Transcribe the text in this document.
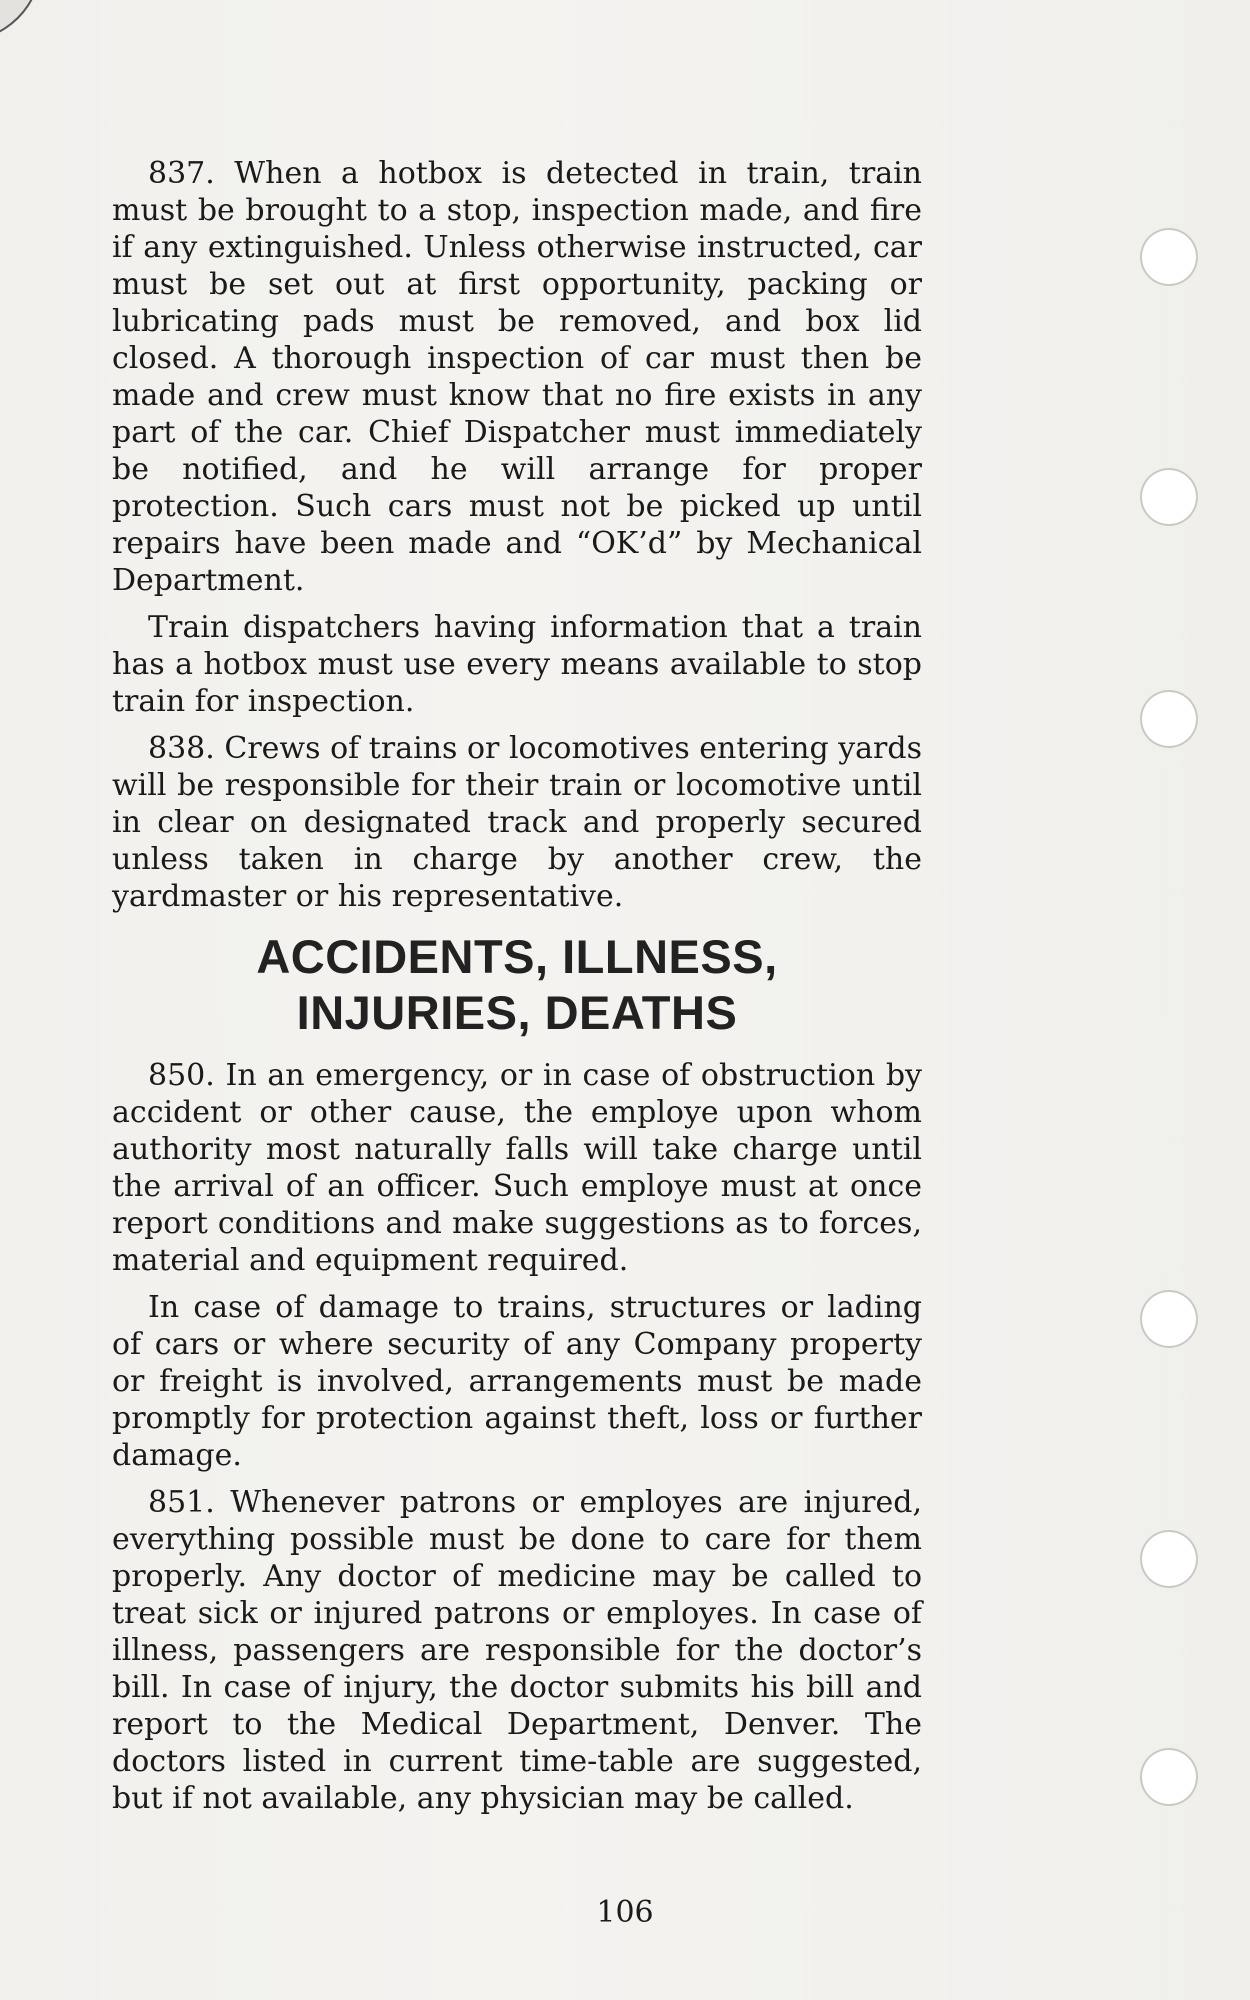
837. When a hotbox is detected in train, train must be brought to a stop, inspection made, and fire if any extinguished. Unless otherwise instructed, car must be set out at first opportunity, packing or lubricating pads must be removed, and box lid closed. A thorough inspection of car must then be made and crew must know that no fire exists in any part of the car. Chief Dispatcher must immediately be notified, and he will arrange for proper protection. Such cars must not be picked up until repairs have been made and “OK’d” by Mechanical Department.

Train dispatchers having information that a train has a hotbox must use every means available to stop train for inspection.

838. Crews of trains or locomotives entering yards will be responsible for their train or locomotive until in clear on designated track and properly secured unless taken in charge by another crew, the yardmaster or his representative.

ACCIDENTS, ILLNESS,
INJURIES, DEATHS

850. In an emergency, or in case of obstruction by accident or other cause, the employe upon whom authority most naturally falls will take charge until the arrival of an officer. Such employe must at once report conditions and make suggestions as to forces, material and equipment required.

In case of damage to trains, structures or lading of cars or where security of any Company property or freight is involved, arrangements must be made promptly for protection against theft, loss or further damage.

851. Whenever patrons or employes are injured, everything possible must be done to care for them properly. Any doctor of medicine may be called to treat sick or injured patrons or employes. In case of illness, passengers are responsible for the doctor’s bill. In case of injury, the doctor submits his bill and report to the Medical Department, Denver. The doctors listed in current time-table are suggested, but if not available, any physician may be called.

106
